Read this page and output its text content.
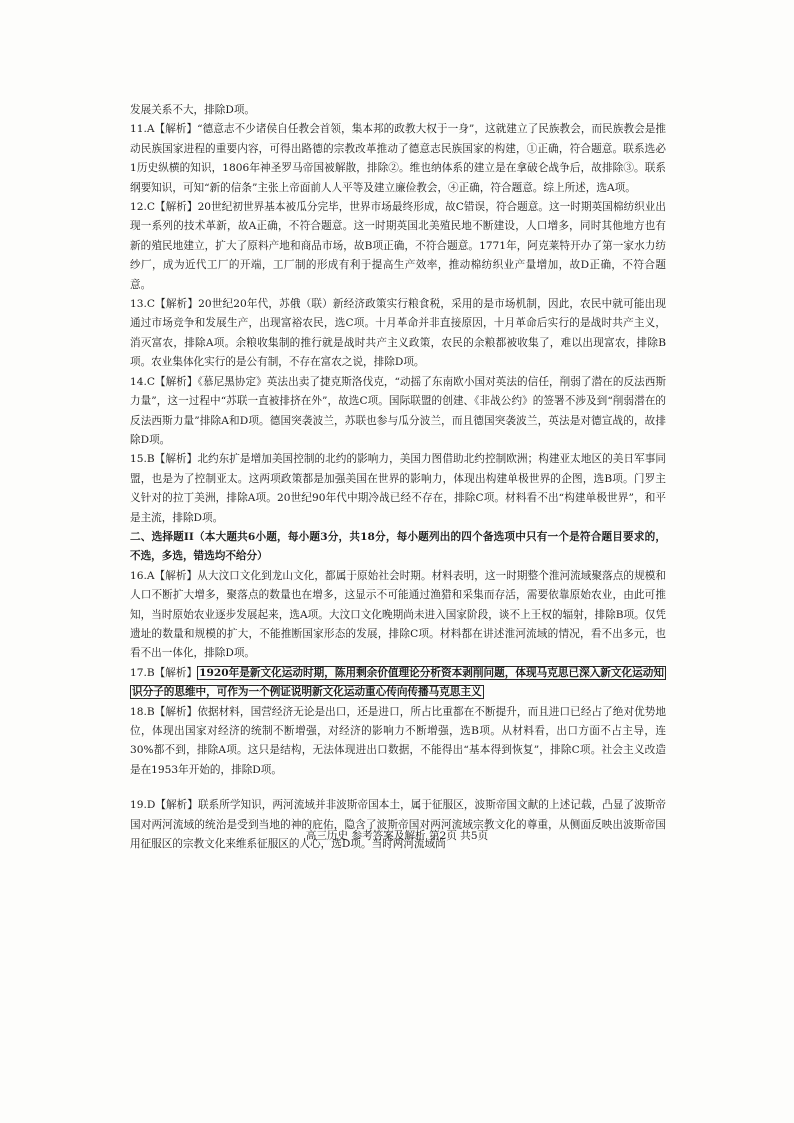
发展关系不大，排除D项。

11.A【解析】“德意志不少诸侯自任教会首领，集本邦的政教大权于一身”，这就建立了民族教会，而民族教会是推动民族国家进程的重要内容，可得出路德的宗教改革推动了德意志民族国家的构建，①正确，符合题意。联系选必1历史纵横的知识，1806年神圣罗马帝国被解散，排除②。维也纳体系的建立是在拿破仑战争后，故排除③。联系纲要知识，可知“新的信条”主张上帝面前人人平等及建立廉俭教会，④正确，符合题意。综上所述，选A项。

12.C【解析】20世纪初世界基本被瓜分完毕，世界市场最终形成，故C错误，符合题意。这一时期英国棉纺织业出现一系列的技术革新，故A正确，不符合题意。这一时期英国北美殖民地不断建设，人口增多，同时其他地方也有新的殖民地建立，扩大了原料产地和商品市场，故B项正确，不符合题意。1771年，阿克莱特开办了第一家水力纺纱厂，成为近代工厂的开端，工厂制的形成有利于提高生产效率，推动棉纺织业产量增加，故D正确，不符合题意。

13.C【解析】20世纪20年代，苏俄（联）新经济政策实行粮食税，采用的是市场机制，因此，农民中就可能出现通过市场竞争和发展生产，出现富裕农民，选C项。十月革命并非直接原因，十月革命后实行的是战时共产主义，消灭富农，排除A项。余粮收集制的推行就是战时共产主义政策，农民的余粮都被收集了，难以出现富农，排除B项。农业集体化实行的是公有制，不存在富农之说，排除D项。

14.C【解析】《慕尼黑协定》英法出卖了捷克斯洛伐克，“动摇了东南欧小国对英法的信任，削弱了潜在的反法西斯力量”，这一过程中“苏联一直被排挤在外”，故选C项。国际联盟的创建、《非战公约》的签署不涉及到“削弱潜在的反法西斯力量”排除A和D项。德国突袭波兰，苏联也参与瓜分波兰，而且德国突袭波兰，英法是对德宣战的，故排除D项。

15.B【解析】北约东扩是增加美国控制的北约的影响力，美国力图借助北约控制欧洲；构建亚太地区的美日军事同盟，也是为了控制亚太。这两项政策都是加强美国在世界的影响力，体现出构建单极世界的企图，选B项。门罗主义针对的拉丁美洲，排除A项。20世纪90年代中期冷战已经不存在，排除C项。材料看不出“构建单极世界”，和平是主流，排除D项。

二、选择题II（本大题共6小题，每小题3分，共18分，每小题列出的四个备选项中只有一个是符合题目要求的，不选，多选，错选均不给分）

16.A【解析】从大汶口文化到龙山文化，都属于原始社会时期。材料表明，这一时期整个淮河流域聚落点的规模和人口不断扩大增多，聚落点的数量也在增多，这显示不可能通过渔猎和采集而存活，需要依靠原始农业，由此可推知，当时原始农业逐步发展起来，选A项。大汶口文化晚期尚未进入国家阶段，谈不上王权的辐射，排除B项。仅凭遗址的数量和规模的扩大，不能推断国家形态的发展，排除C项。材料都在讲述淮河流域的情况，看不出多元，也看不出一体化，排除D项。

17.B【解析】 1920年是新文化运动时期，陈用剩余价值理论分析资本剥削问题，体现马克思已深入新文化运动知识分子的思维中，可作为一个例证说明新文化运动重心传向传播马克思主义

18.B【解析】依据材料，国营经济无论是出口，还是进口，所占比重都在不断提升，而且进口已经占了绝对优势地位，体现出国家对经济的统制不断增强，对经济的影响力不断增强，选B项。从材料看，出口方面不占主导，连30%都不到，排除A项。这只是结构，无法体现进出口数据，不能得出“基本得到恢复”，排除C项。社会主义改造是在1953年开始的，排除D项。

19.D【解析】联系所学知识，两河流域并非波斯帝国本土，属于征服区，波斯帝国文献的上述记载，凸显了波斯帝国对两河流域的统治是受到当地的神的庇佑，隐含了波斯帝国对两河流域宗教文化的尊重，从侧面反映出波斯帝国用征服区的宗教文化来维系征服区的人心，选D项。当时两河流域尚

高三历史 参考答案及解析 第2页 共5页
